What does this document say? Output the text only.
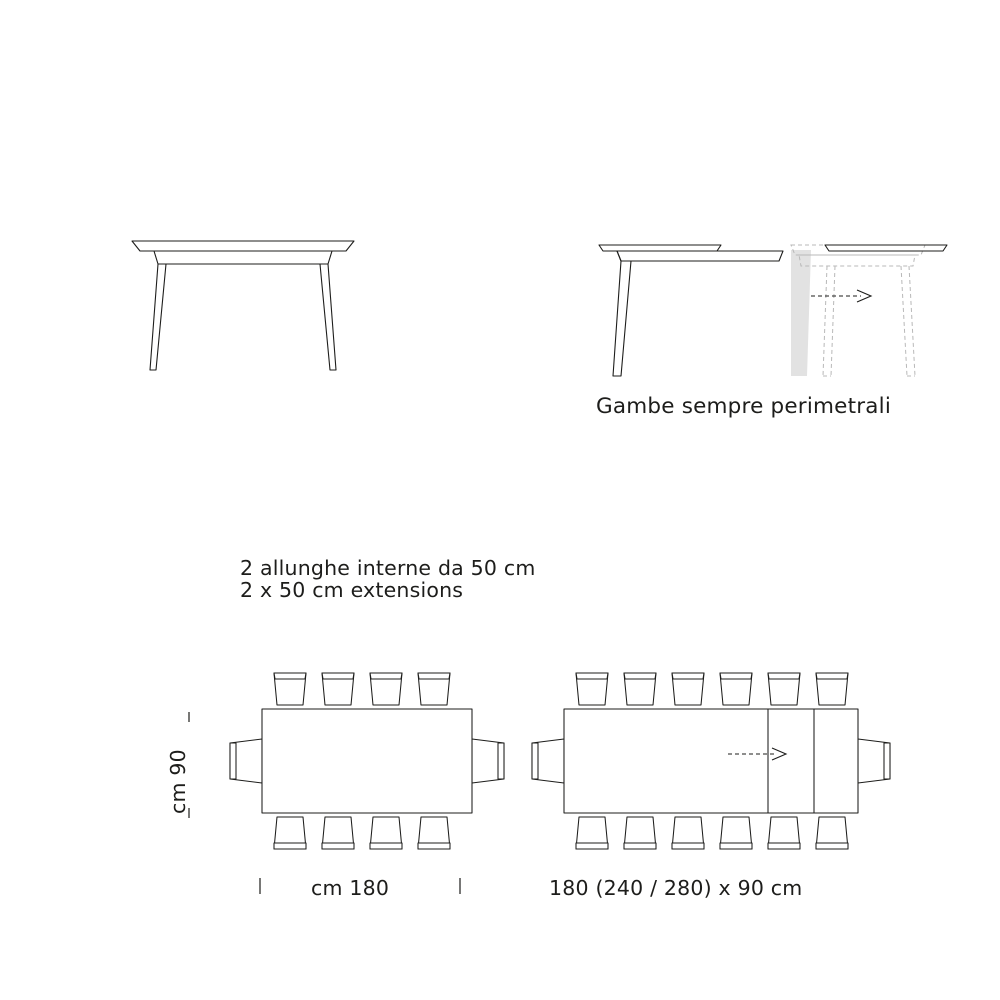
Gambe sempre perimetrali
2 allunghe interne da 50 cm
2 x 50 cm extensions
cm 90
cm 180	180 (240 / 280) x 90 cm
